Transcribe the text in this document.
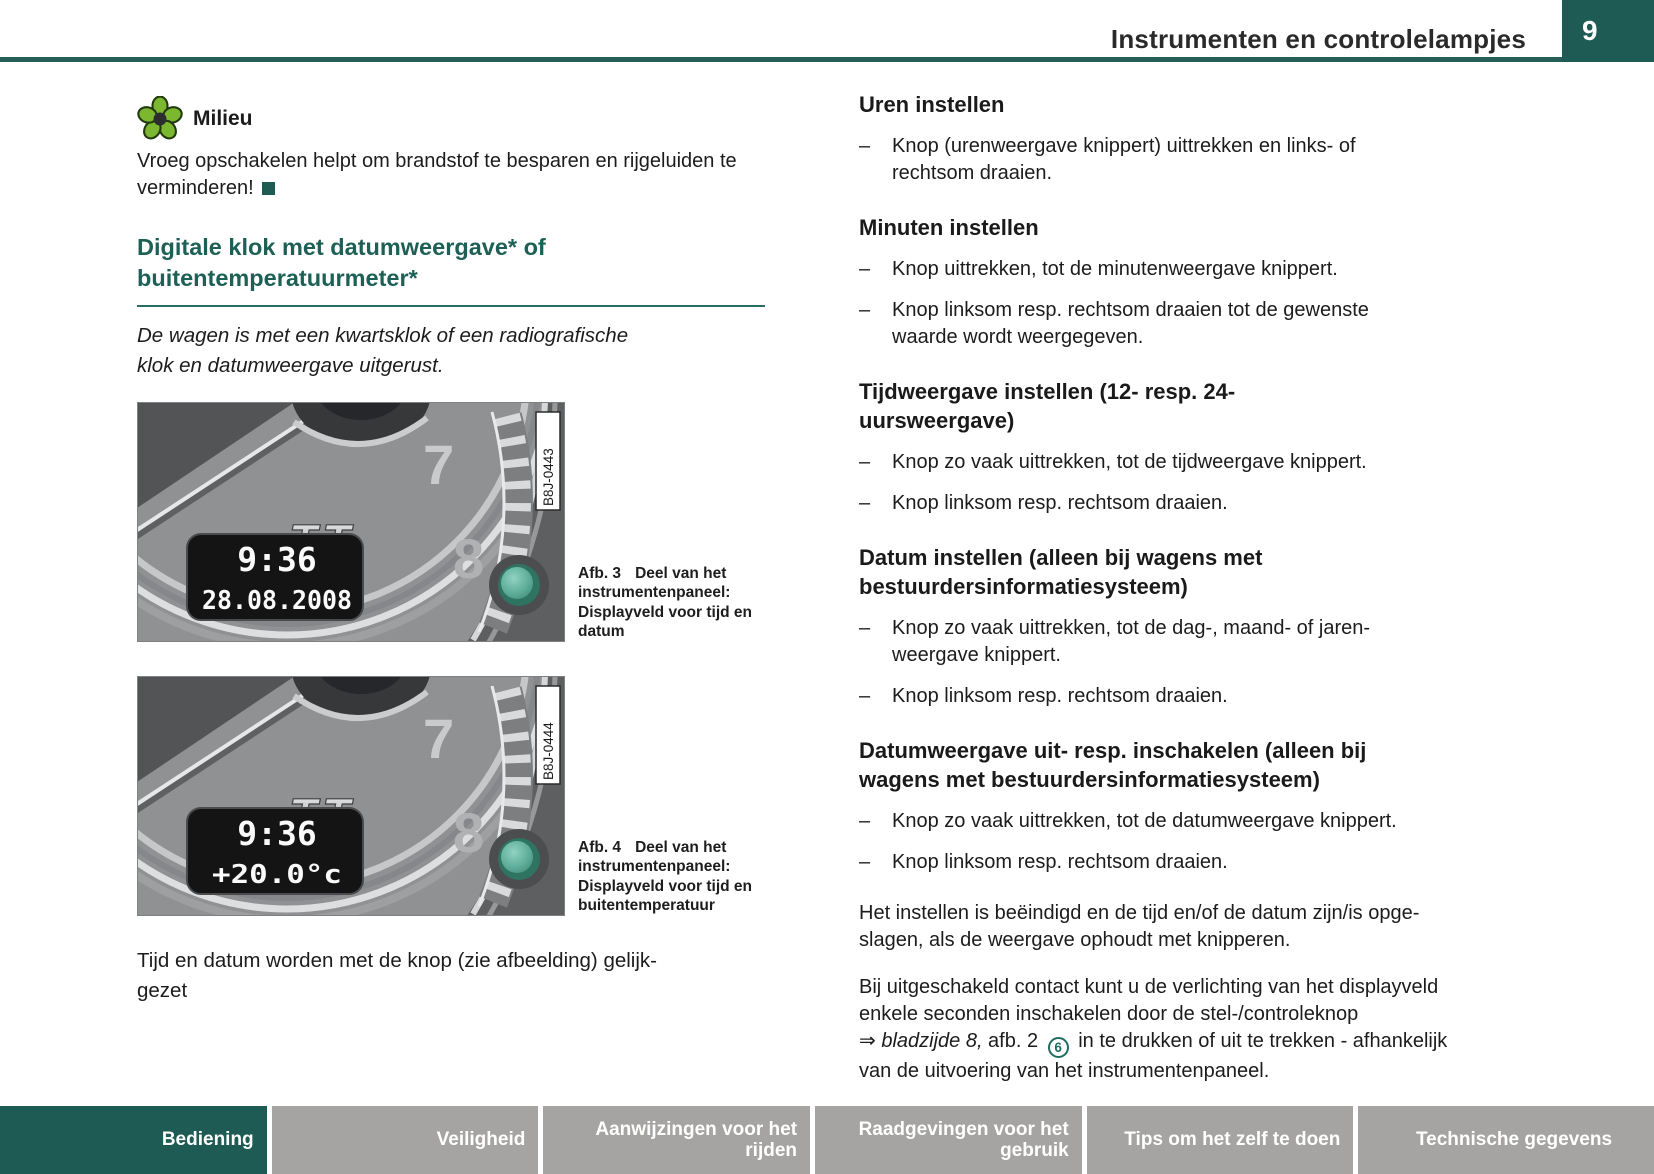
Instrumenten en controlelampjes 9
Milieu

Vroeg opschakelen helpt om brandstof te besparen en rijgeluiden te
verminderen!

Digitale klok met datumweergave* of
buitentemperatuurmeter*

De wagen is met een kwartsklok of een radiografische
klok en datumweergave uitgerust.

7
8
9:36
28.08.2008
B8J-0443
Afb. 3 Deel van het
instrumentenpaneel:
Displayveld voor tijd en
datum
7
8
9:36
+20.0°c
B8J-0444
Afb. 4 Deel van het
instrumentenpaneel:
Displayveld voor tijd en
buitentemperatuur

Tijd en datum worden met de knop (zie afbeelding) gelijk-
gezet

Uren instellen
–	Knop (urenweergave knippert) uittrekken en links- of
rechtsom draaien.
Minuten instellen
–	Knop uittrekken, tot de minutenweergave knippert.
–	Knop linksom resp. rechtsom draaien tot de gewenste
waarde wordt weergegeven.
Tijdweergave instellen (12- resp. 24-
uursweergave)
–	Knop zo vaak uittrekken, tot de tijdweergave knippert.
–	Knop linksom resp. rechtsom draaien.
Datum instellen (alleen bij wagens met
bestuurdersinformatiesysteem)
–	Knop zo vaak uittrekken, tot de dag-, maand- of jaren-
weergave knippert.
–	Knop linksom resp. rechtsom draaien.
Datumweergave uit- resp. inschakelen (alleen bij
wagens met bestuurdersinformatiesysteem)
–	Knop zo vaak uittrekken, tot de datumweergave knippert.
–	Knop linksom resp. rechtsom draaien.

Het instellen is beëindigd en de tijd en/of de datum zijn/is opge-
slagen, als de weergave ophoudt met knipperen.

Bij uitgeschakeld contact kunt u de verlichting van het displayveld
enkele seconden inschakelen door de stel-/controleknop
⇒ bladzijde 8, afb. 2 6 in te drukken of uit te trekken - afhankelijk
van de uitvoering van het instrumentenpaneel.

Bediening	Veiligheid
Aanwijzingen voor het
rijden
Raadgevingen voor het
gebruik
Tips om het zelf te doen	Technische gegevens
